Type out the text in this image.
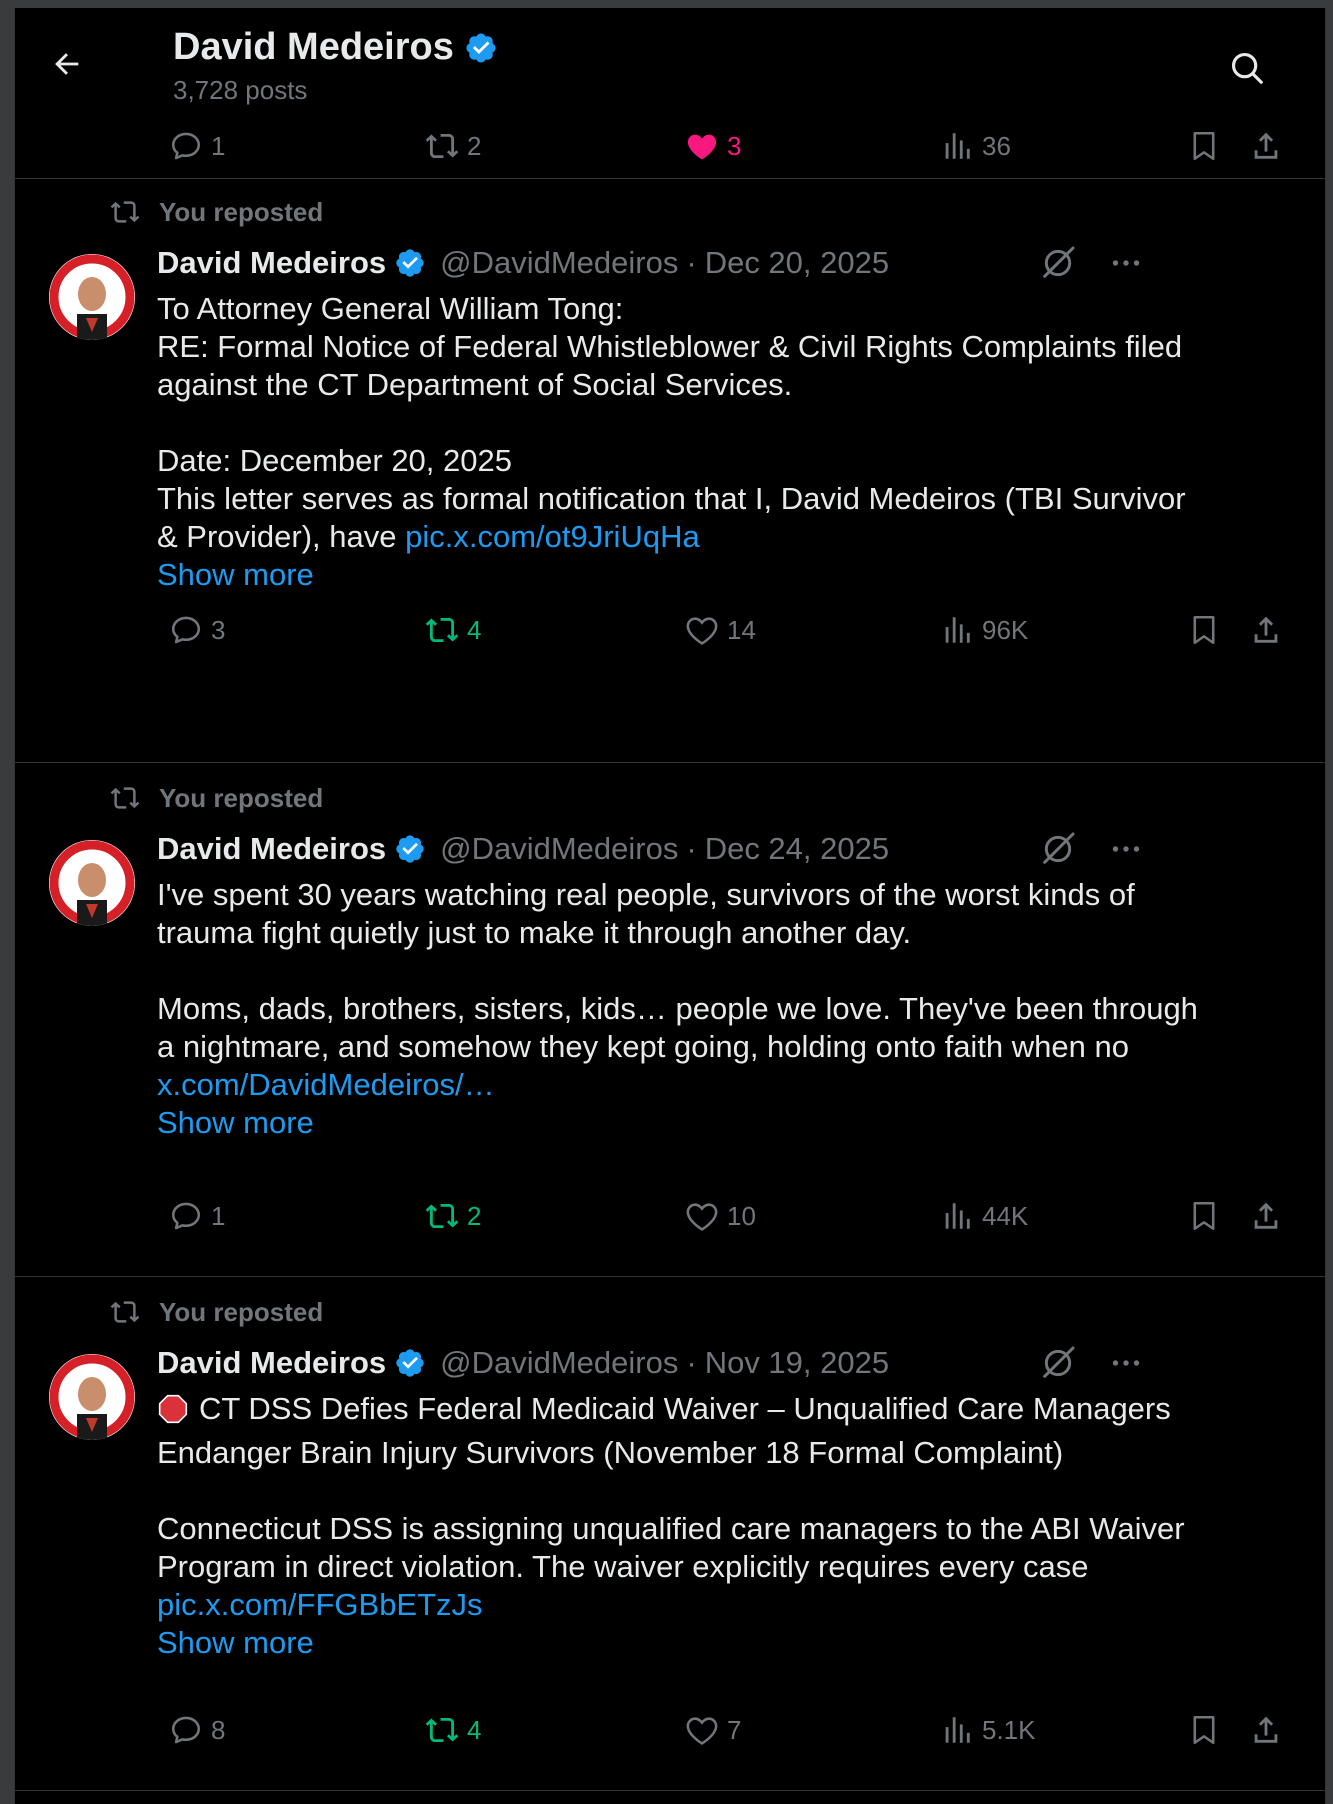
David Medeiros
3,728 posts
1	2	3	36
You reposted
David Medeiros @DavidMedeiros · Dec 20, 2025
To Attorney General William Tong:
RE: Formal Notice of Federal Whistleblower & Civil Rights Complaints filed
against the CT Department of Social Services.
Date: December 20, 2025
This letter serves as formal notification that I, David Medeiros (TBI Survivor
& Provider), have pic.x.com/ot9JriUqHa
Show more
3	4	14	96K
You reposted
David Medeiros @DavidMedeiros · Dec 24, 2025
I've spent 30 years watching real people, survivors of the worst kinds of
trauma fight quietly just to make it through another day.
Moms, dads, brothers, sisters, kids… people we love. They've been through
a nightmare, and somehow they kept going, holding onto faith when no
x.com/DavidMedeiros/…
Show more
1	2	10	44K
You reposted
David Medeiros @DavidMedeiros · Nov 19, 2025
CT DSS Defies Federal Medicaid Waiver – Unqualified Care Managers
Endanger Brain Injury Survivors (November 18 Formal Complaint)
Connecticut DSS is assigning unqualified care managers to the ABI Waiver
Program in direct violation. The waiver explicitly requires every case
pic.x.com/FFGBbETzJs
Show more
8	4	7	5.1K
